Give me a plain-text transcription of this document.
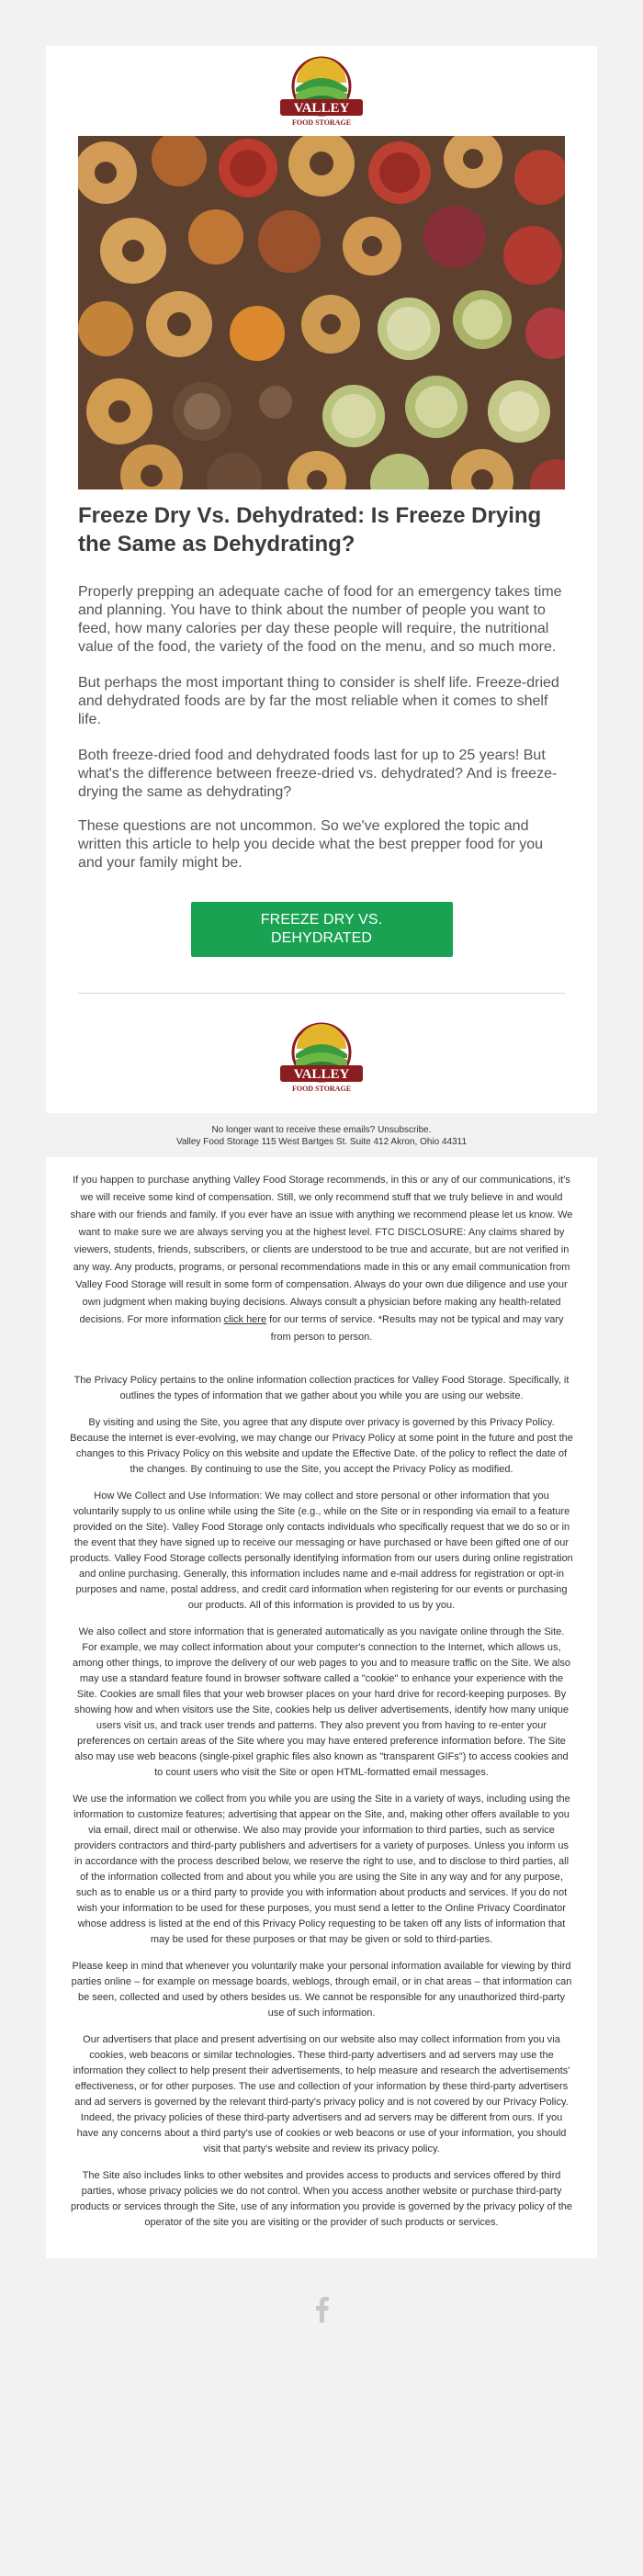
VALLEY
FOOD STORAGE
Freeze Dry Vs. Dehydrated: Is Freeze Drying the Same as Dehydrating?

Properly prepping an adequate cache of food for an emergency takes time and planning. You have to think about the number of people you want to feed, how many calories per day these people will require, the nutritional value of the food, the variety of the food on the menu, and so much more.

But perhaps the most important thing to consider is shelf life. Freeze-dried and dehydrated foods are by far the most reliable when it comes to shelf life.

Both freeze-dried food and dehydrated foods last for up to 25 years! But what's the difference between freeze-dried vs. dehydrated? And is freeze-drying the same as dehydrating?

These questions are not uncommon. So we've explored the topic and written this article to help you decide what the best prepper food for you and your family might be.

FREEZE DRY VS. DEHYDRATED
VALLEY
FOOD STORAGE
No longer want to receive these emails? Unsubscribe.
Valley Food Storage 115 West Bartges St. Suite 412 Akron, Ohio 44311

If you happen to purchase anything Valley Food Storage recommends, in this or any of our communications, it's we will receive some kind of compensation. Still, we only recommend stuff that we truly believe in and would share with our friends and family. If you ever have an issue with anything we recommend please let us know. We want to make sure we are always serving you at the highest level. FTC DISCLOSURE: Any claims shared by viewers, students, friends, subscribers, or clients are understood to be true and accurate, but are not verified in any way. Any products, programs, or personal recommendations made in this or any email communication from Valley Food Storage will result in some form of compensation. Always do your own due diligence and use your own judgment when making buying decisions. Always consult a physician before making any health-related decisions. For more information click here for our terms of service. *Results may not be typical and may vary from person to person.

The Privacy Policy pertains to the online information collection practices for Valley Food Storage. Specifically, it outlines the types of information that we gather about you while you are using our website.

By visiting and using the Site, you agree that any dispute over privacy is governed by this Privacy Policy. Because the internet is ever-evolving, we may change our Privacy Policy at some point in the future and post the changes to this Privacy Policy on this website and update the Effective Date. of the policy to reflect the date of the changes. By continuing to use the Site, you accept the Privacy Policy as modified.

How We Collect and Use Information: We may collect and store personal or other information that you voluntarily supply to us online while using the Site (e.g., while on the Site or in responding via email to a feature provided on the Site). Valley Food Storage only contacts individuals who specifically request that we do so or in the event that they have signed up to receive our messaging or have purchased or have been gifted one of our products. Valley Food Storage collects personally identifying information from our users during online registration and online purchasing. Generally, this information includes name and e-mail address for registration or opt-in purposes and name, postal address, and credit card information when registering for our events or purchasing our products. All of this information is provided to us by you.

We also collect and store information that is generated automatically as you navigate online through the Site. For example, we may collect information about your computer's connection to the Internet, which allows us, among other things, to improve the delivery of our web pages to you and to measure traffic on the Site. We also may use a standard feature found in browser software called a "cookie" to enhance your experience with the Site. Cookies are small files that your web browser places on your hard drive for record-keeping purposes. By showing how and when visitors use the Site, cookies help us deliver advertisements, identify how many unique users visit us, and track user trends and patterns. They also prevent you from having to re-enter your preferences on certain areas of the Site where you may have entered preference information before. The Site also may use web beacons (single-pixel graphic files also known as "transparent GIFs") to access cookies and to count users who visit the Site or open HTML-formatted email messages.

We use the information we collect from you while you are using the Site in a variety of ways, including using the information to customize features; advertising that appear on the Site, and, making other offers available to you via email, direct mail or otherwise. We also may provide your information to third parties, such as service providers contractors and third-party publishers and advertisers for a variety of purposes. Unless you inform us in accordance with the process described below, we reserve the right to use, and to disclose to third parties, all of the information collected from and about you while you are using the Site in any way and for any purpose, such as to enable us or a third party to provide you with information about products and services. If you do not wish your information to be used for these purposes, you must send a letter to the Online Privacy Coordinator whose address is listed at the end of this Privacy Policy requesting to be taken off any lists of information that may be used for these purposes or that may be given or sold to third-parties.

Please keep in mind that whenever you voluntarily make your personal information available for viewing by third parties online – for example on message boards, weblogs, through email, or in chat areas – that information can be seen, collected and used by others besides us. We cannot be responsible for any unauthorized third-party use of such information.

Our advertisers that place and present advertising on our website also may collect information from you via cookies, web beacons or similar technologies. These third-party advertisers and ad servers may use the information they collect to help present their advertisements, to help measure and research the advertisements' effectiveness, or for other purposes. The use and collection of your information by these third-party advertisers and ad servers is governed by the relevant third-party's privacy policy and is not covered by our Privacy Policy. Indeed, the privacy policies of these third-party advertisers and ad servers may be different from ours. If you have any concerns about a third party's use of cookies or web beacons or use of your information, you should visit that party's website and review its privacy policy.

The Site also includes links to other websites and provides access to products and services offered by third parties, whose privacy policies we do not control. When you access another website or purchase third-party products or services through the Site, use of any information you provide is governed by the privacy policy of the operator of the site you are visiting or the provider of such products or services.
